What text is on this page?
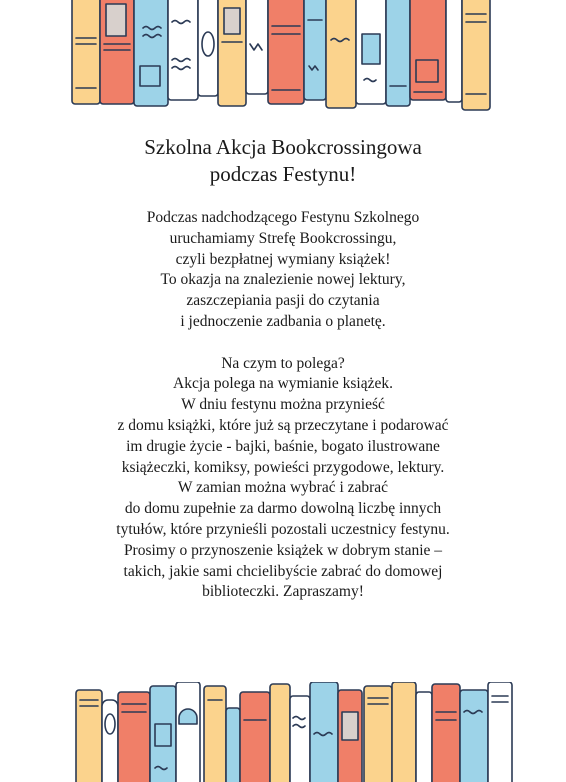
Szkolna Akcja Bookcrossingowa
podczas Festynu!
Podczas nadchodzącego Festynu Szkolnego
uruchamiamy Strefę Bookcrossingu,
czyli bezpłatnej wymiany książek!
To okazja na znalezienie nowej lektury,
zaszczepiania pasji do czytania
i jednoczenie zadbania o planetę.
Na czym to polega?
Akcja polega na wymianie książek.
W dniu festynu można przynieść
z domu książki, które już są przeczytane i podarować
im drugie życie - bajki, baśnie, bogato ilustrowane
książeczki, komiksy, powieści przygodowe, lektury.
W zamian można wybrać i zabrać
do domu zupełnie za darmo dowolną liczbę innych
tytułów, które przynieśli pozostali uczestnicy festynu.
Prosimy o przynoszenie książek w dobrym stanie –
takich, jakie sami chcielibyście zabrać do domowej
biblioteczki. Zapraszamy!
